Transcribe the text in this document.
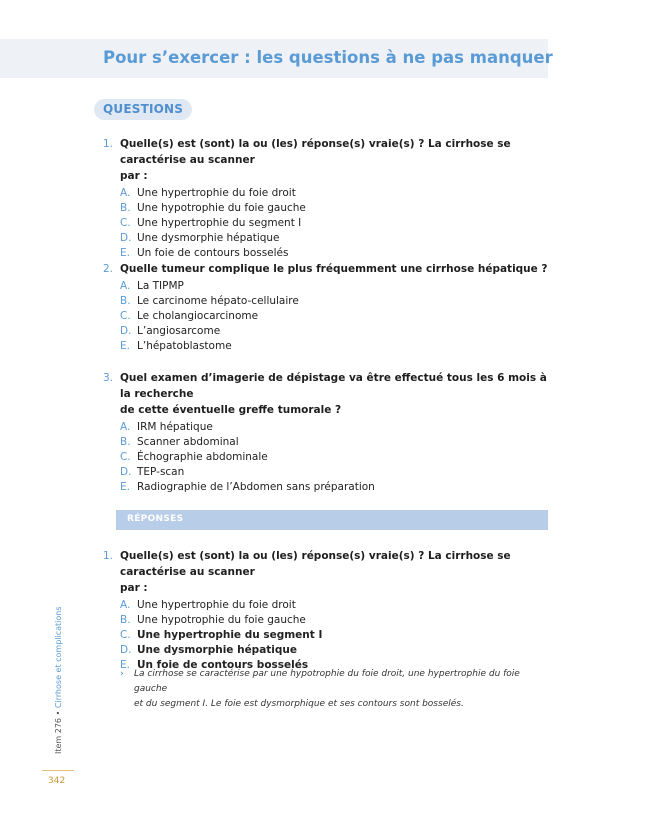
Pour s’exercer : les questions à ne pas manquer
QUESTIONS
1. Quelle(s) est (sont) la ou (les) réponse(s) vraie(s) ? La cirrhose se caractérise au scanner
par :
A. Une hypertrophie du foie droit
B. Une hypotrophie du foie gauche
C. Une hypertrophie du segment I
D. Une dysmorphie hépatique
E. Un foie de contours bosselés
2. Quelle tumeur complique le plus fréquemment une cirrhose hépatique ?
A. La TIPMP
B. Le carcinome hépato-cellulaire
C. Le cholangiocarcinome
D. L’angiosarcome
E. L’hépatoblastome
3. Quel examen d’imagerie de dépistage va être effectué tous les 6 mois à la recherche
de cette éventuelle greffe tumorale ?
A. IRM hépatique
B. Scanner abdominal
C. Échographie abdominale
D. TEP-scan
E. Radiographie de l’Abdomen sans préparation
RÉPONSES
1. Quelle(s) est (sont) la ou (les) réponse(s) vraie(s) ? La cirrhose se caractérise au scanner
par :
A. Une hypertrophie du foie droit
B. Une hypotrophie du foie gauche
C. Une hypertrophie du segment I
D. Une dysmorphie hépatique
E. Un foie de contours bosselés
›	La cirrhose se caractérise par une hypotrophie du foie droit, une hypertrophie du foie gauche
et du segment I. Le foie est dysmorphique et ses contours sont bosselés.
Item 276 • Cirrhose et complications
342
